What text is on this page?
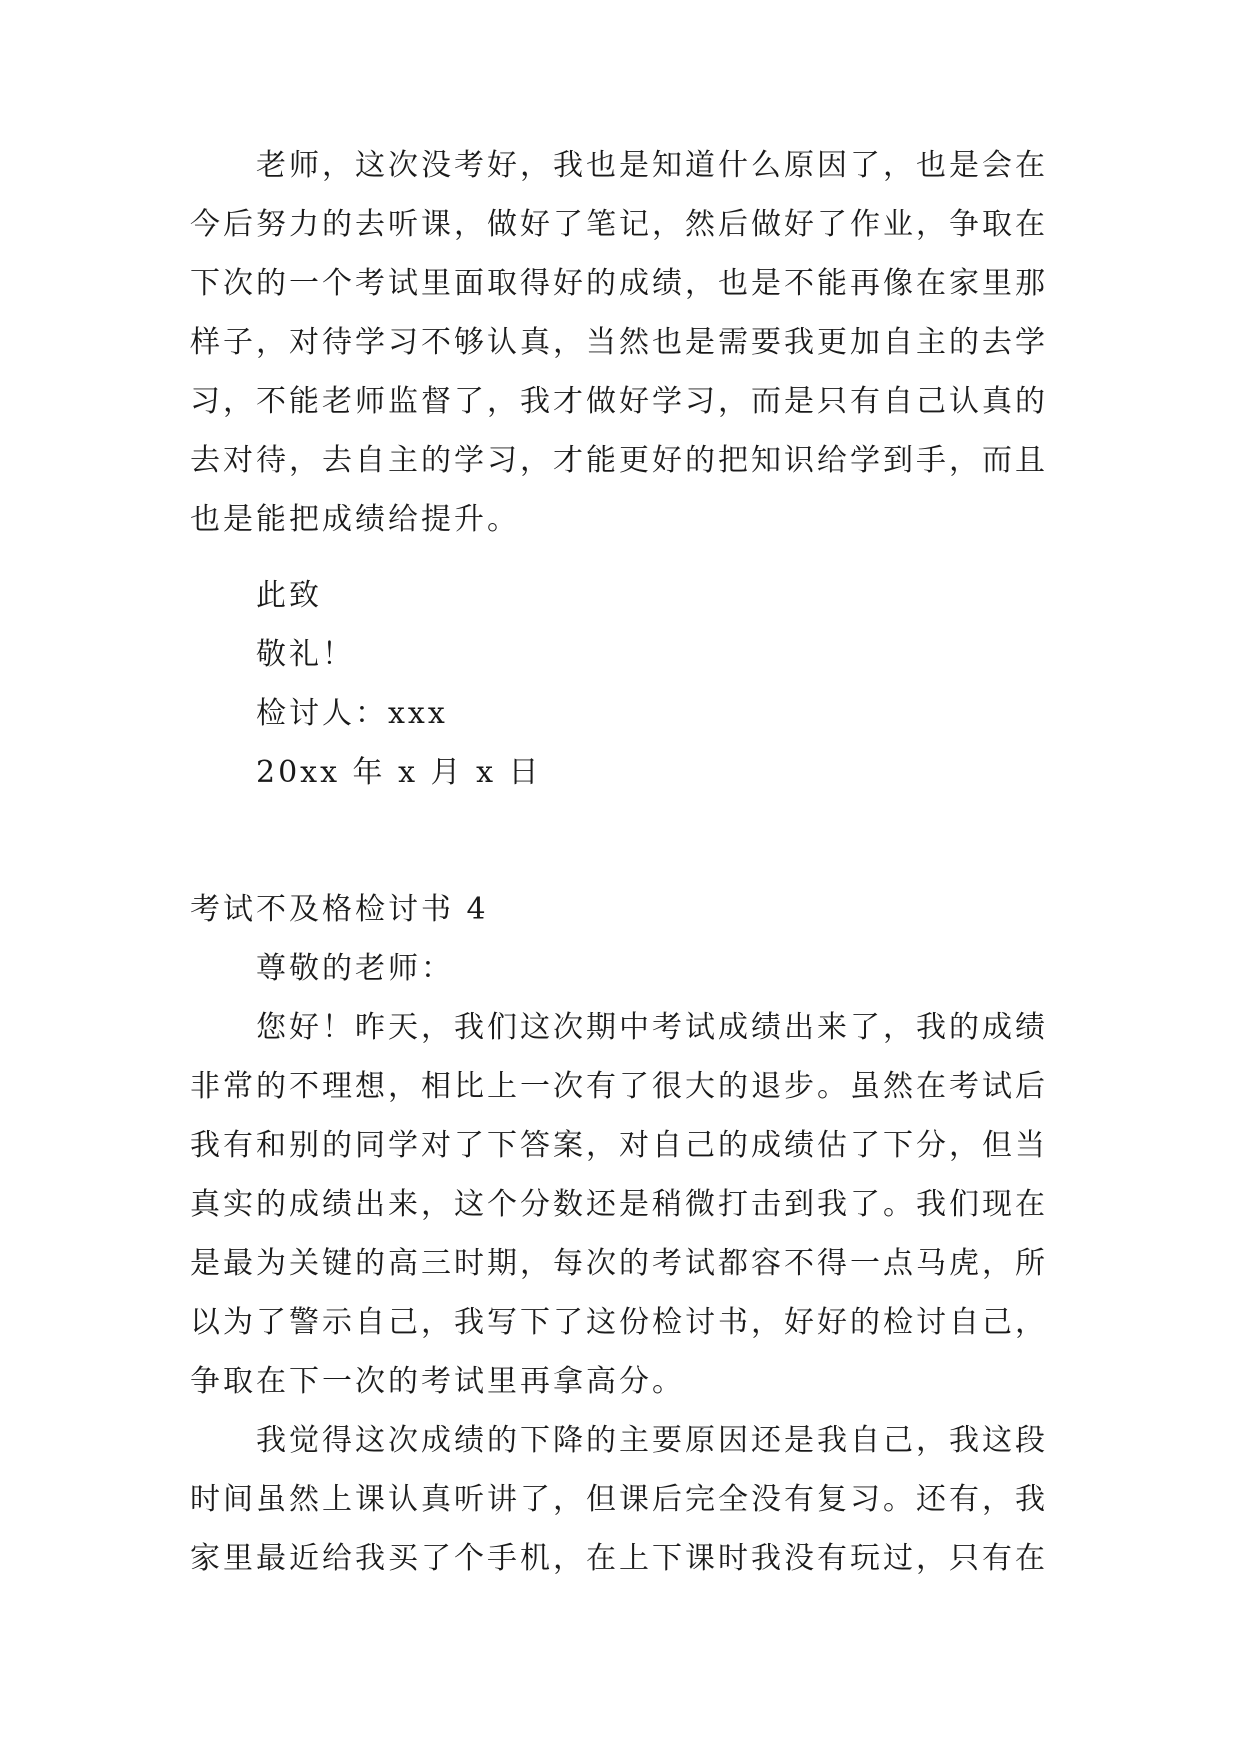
老师，这次没考好，我也是知道什么原因了，也是会在

今后努力的去听课，做好了笔记，然后做好了作业，争取在

下次的一个考试里面取得好的成绩，也是不能再像在家里那

样子，对待学习不够认真，当然也是需要我更加自主的去学

习，不能老师监督了，我才做好学习，而是只有自己认真的

去对待，去自主的学习，才能更好的把知识给学到手，而且

也是能把成绩给提升。

此致

敬礼！

检讨人：xxx

20xx 年 x 月 x 日

考试不及格检讨书 4

尊敬的老师：

您好！昨天，我们这次期中考试成绩出来了，我的成绩

非常的不理想，相比上一次有了很大的退步。虽然在考试后

我有和别的同学对了下答案，对自己的成绩估了下分，但当

真实的成绩出来，这个分数还是稍微打击到我了。我们现在

是最为关键的高三时期，每次的考试都容不得一点马虎，所

以为了警示自己，我写下了这份检讨书，好好的检讨自己，

争取在下一次的考试里再拿高分。

我觉得这次成绩的下降的主要原因还是我自己，我这段

时间虽然上课认真听讲了，但课后完全没有复习。还有，我

家里最近给我买了个手机，在上下课时我没有玩过，只有在
